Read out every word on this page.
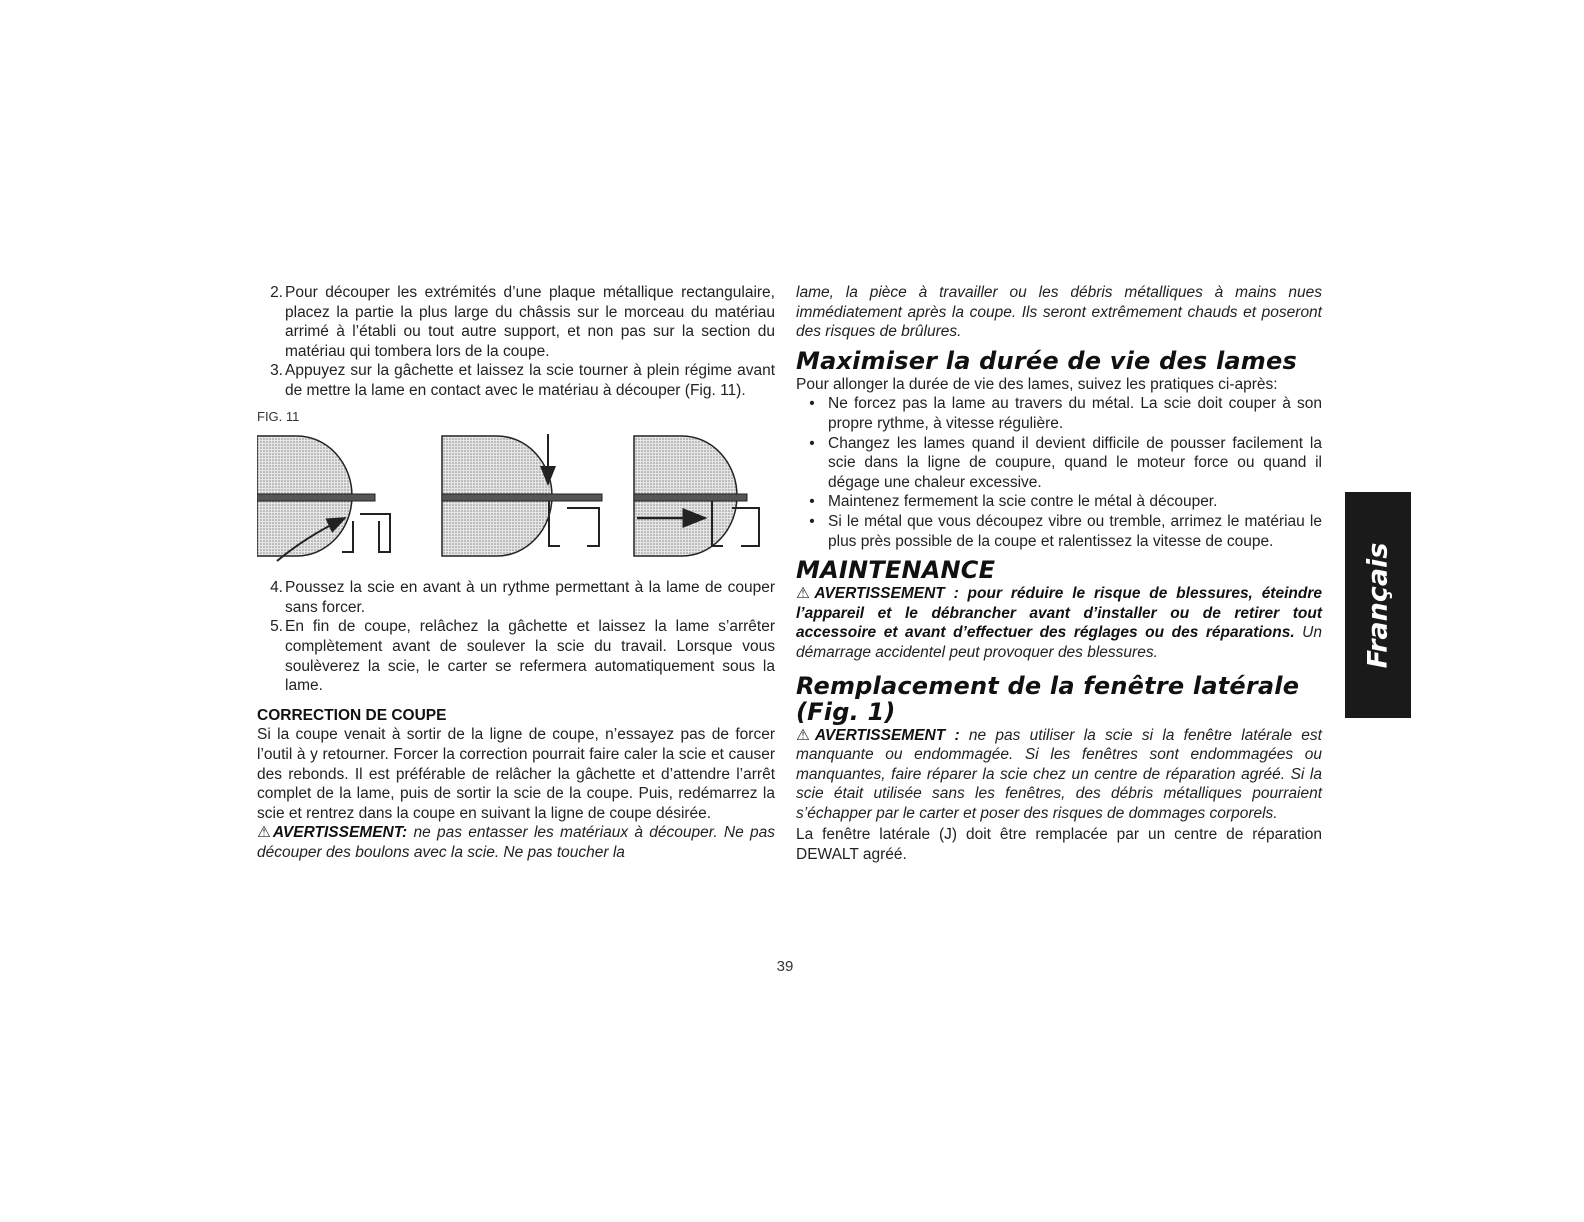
2. Pour découper les extrémités d’une plaque métallique rectangulaire, placez la partie la plus large du châssis sur le morceau du matériau arrimé à l’établi ou tout autre support, et non pas sur la section du matériau qui tombera lors de la coupe.
3. Appuyez sur la gâchette et laissez la scie tourner à plein régime avant de mettre la lame en contact avec le matériau à découper (Fig. 11).
FIG. 11
4. Poussez la scie en avant à un rythme permettant à la lame de couper sans forcer.
5. En fin de coupe, relâchez la gâchette et laissez la lame s’arrêter complètement avant de soulever la scie du travail. Lorsque vous soulèverez la scie, le carter se refermera automatiquement sous la lame.
CORRECTION DE COUPE

Si la coupe venait à sortir de la ligne de coupe, n’essayez pas de forcer l’outil à y retourner. Forcer la correction pourrait faire caler la scie et causer des rebonds. Il est préférable de relâcher la gâchette et d’attendre l’arrêt complet de la lame, puis de sortir la scie de la coupe. Puis, redémarrez la scie et rentrez dans la coupe en suivant la ligne de coupe désirée.

⚠AVERTISSEMENT: ne pas entasser les matériaux à découper. Ne pas découper des boulons avec la scie. Ne pas toucher la

lame, la pièce à travailler ou les débris métalliques à mains nues immédiatement après la coupe. Ils seront extrêmement chauds et poseront des risques de brûlures.

Maximiser la durée de vie des lames

Pour allonger la durée de vie des lames, suivez les pratiques ci-après:

• Ne forcez pas la lame au travers du métal. La scie doit couper à son propre rythme, à vitesse régulière.
• Changez les lames quand il devient difficile de pousser facilement la scie dans la ligne de coupure, quand le moteur force ou quand il dégage une chaleur excessive.
• Maintenez fermement la scie contre le métal à découper.
• Si le métal que vous découpez vibre ou tremble, arrimez le matériau le plus près possible de la coupe et ralentissez la vitesse de coupe.
MAINTENANCE

⚠AVERTISSEMENT : pour réduire le risque de blessures, éteindre l’appareil et le débrancher avant d’installer ou de retirer tout accessoire et avant d’effectuer des réglages ou des réparations. Un démarrage accidentel peut provoquer des blessures.

Remplacement de la fenêtre latérale (Fig. 1)

⚠AVERTISSEMENT : ne pas utiliser la scie si la fenêtre latérale est manquante ou endommagée. Si les fenêtres sont endommagées ou manquantes, faire réparer la scie chez un centre de réparation agréé. Si la scie était utilisée sans les fenêtres, des débris métalliques pourraient s’échapper par le carter et poser des risques de dommages corporels.

La fenêtre latérale (J) doit être remplacée par un centre de réparation DEWALT agréé.

Français
39
